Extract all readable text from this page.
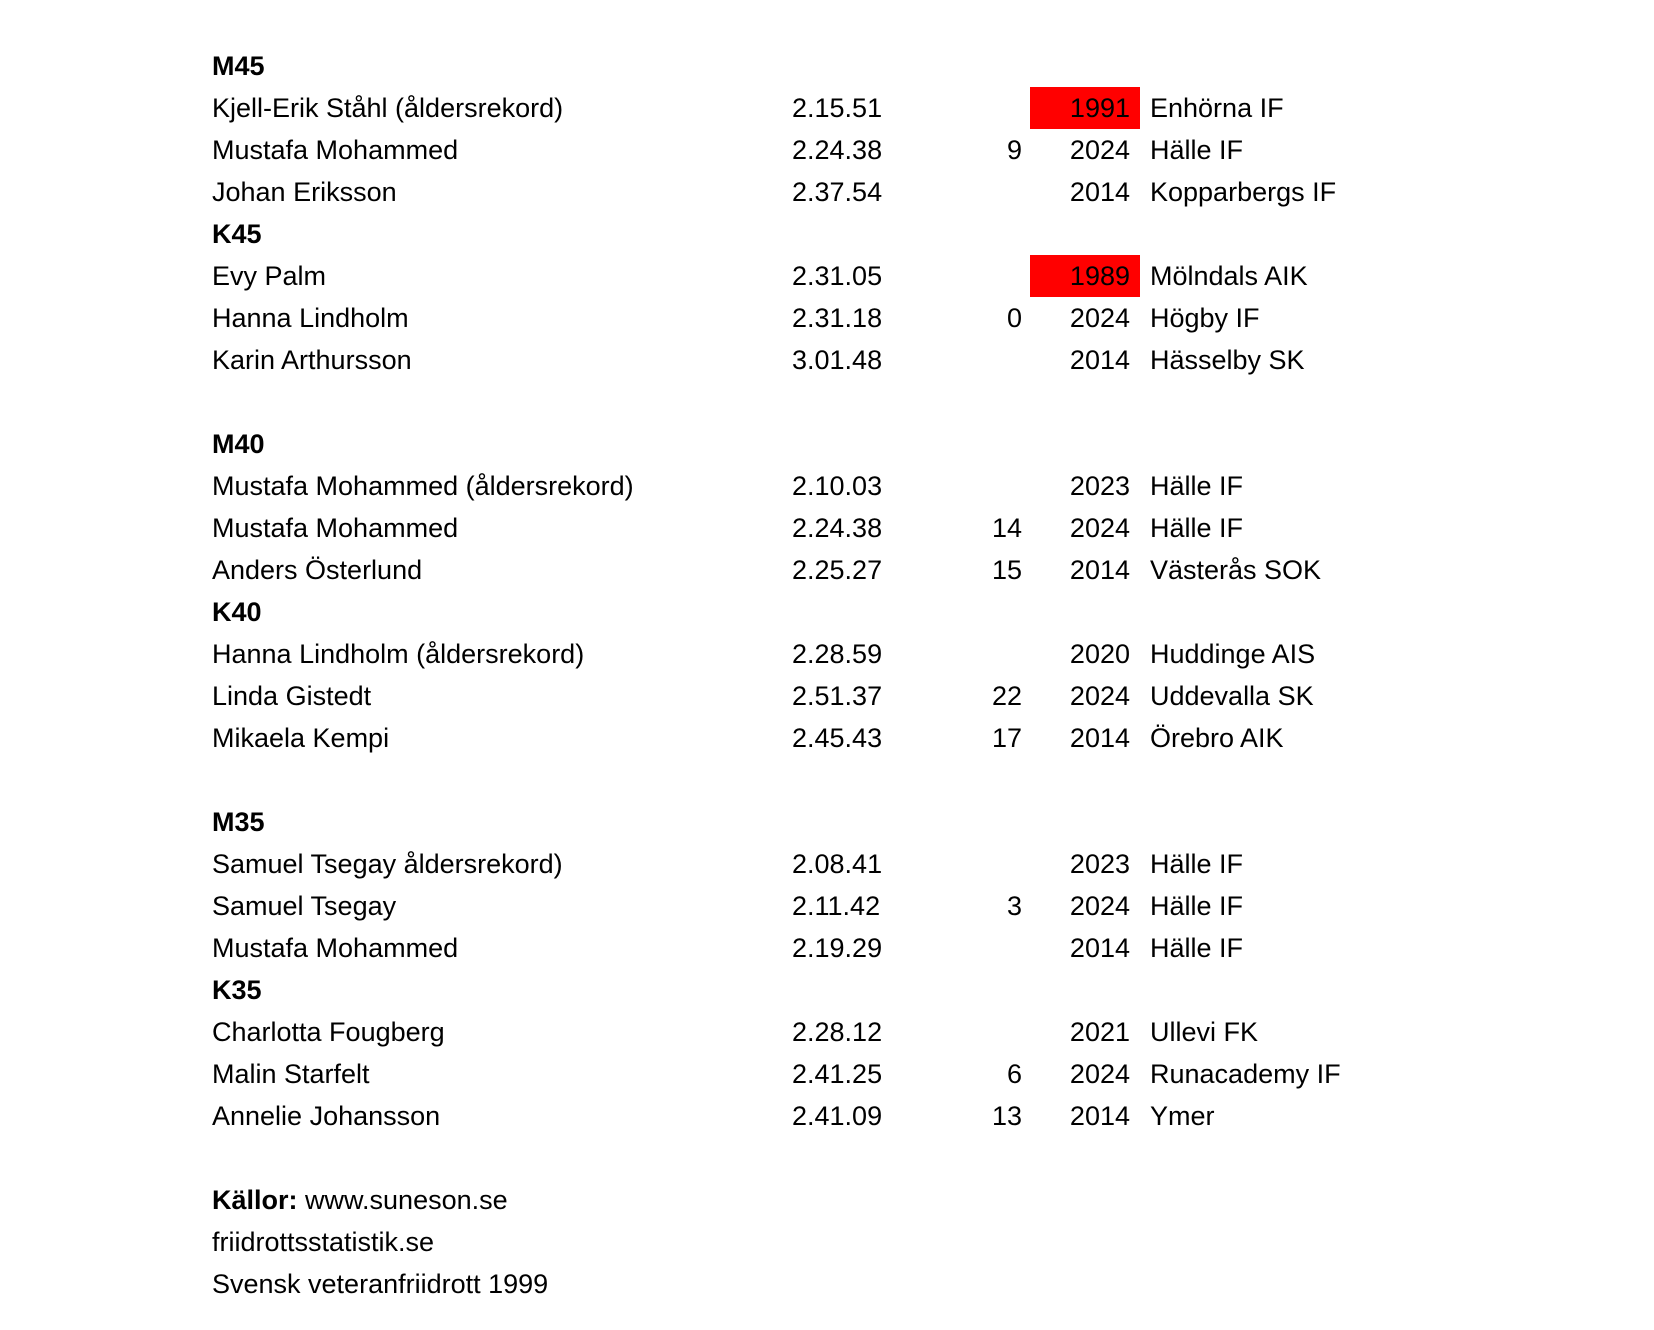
M45
Kjell-Erik Ståhl (åldersrekord)	2.15.51	1991 Enhörna IF
Mustafa Mohammed	2.24.38	9	2024 Hälle IF
Johan Eriksson	2.37.54	2014 Kopparbergs IF
K45
Evy Palm	2.31.05	1989 Mölndals AIK
Hanna Lindholm	2.31.18	0	2024 Högby IF
Karin Arthursson	3.01.48	2014 Hässelby SK
M40
Mustafa Mohammed (åldersrekord)	2.10.03	2023 Hälle IF
Mustafa Mohammed	2.24.38	14	2024 Hälle IF
Anders Österlund	2.25.27	15	2014 Västerås SOK
K40
Hanna Lindholm (åldersrekord)	2.28.59	2020 Huddinge AIS
Linda Gistedt	2.51.37	22	2024 Uddevalla SK
Mikaela Kempi	2.45.43	17	2014 Örebro AIK
M35
Samuel Tsegay åldersrekord)	2.08.41	2023 Hälle IF
Samuel Tsegay	2.11.42	3	2024 Hälle IF
Mustafa Mohammed	2.19.29	2014 Hälle IF
K35
Charlotta Fougberg	2.28.12	2021 Ullevi FK
Malin Starfelt	2.41.25	6	2024 Runacademy IF
Annelie Johansson	2.41.09	13	2014 Ymer
Källor: www.suneson.se
friidrottsstatistik.se
Svensk veteranfriidrott 1999
